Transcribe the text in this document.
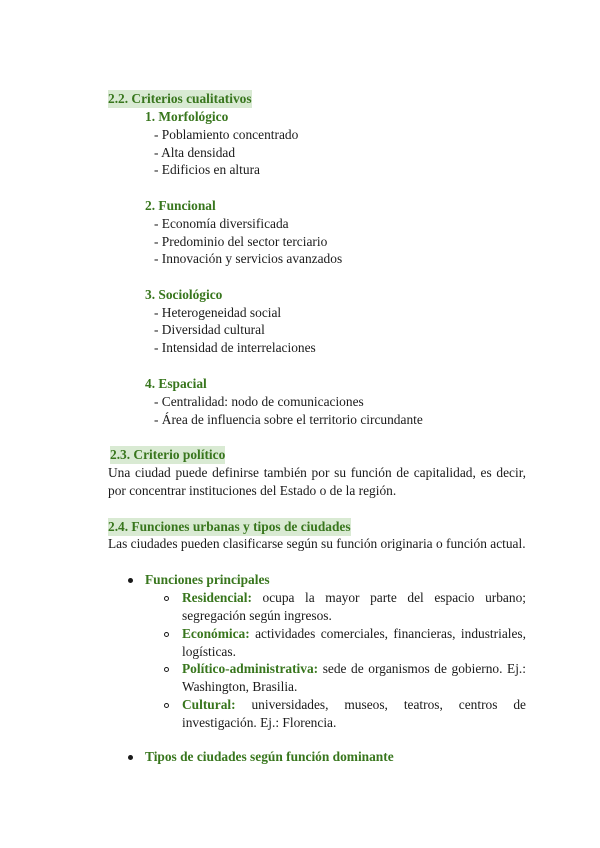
2.2. Criterios cualitativos
1. Morfológico
- Poblamiento concentrado
- Alta densidad
- Edificios en altura
2. Funcional
- Economía diversificada
- Predominio del sector terciario
- Innovación y servicios avanzados
3. Sociológico
- Heterogeneidad social
- Diversidad cultural
- Intensidad de interrelaciones
4. Espacial
- Centralidad: nodo de comunicaciones
- Área de influencia sobre el territorio circundante
2.3. Criterio político
Una ciudad puede definirse también por su función de capitalidad, es decir, por concentrar instituciones del Estado o de la región.
2.4. Funciones urbanas y tipos de ciudades
Las ciudades pueden clasificarse según su función originaria o función actual.
Funciones principales
Residencial: ocupa la mayor parte del espacio urbano; segregación según ingresos.
Económica: actividades comerciales, financieras, industriales, logísticas.
Político-administrativa: sede de organismos de gobierno. Ej.: Washington, Brasilia.
Cultural: universidades, museos, teatros, centros de investigación. Ej.: Florencia.
Tipos de ciudades según función dominante
